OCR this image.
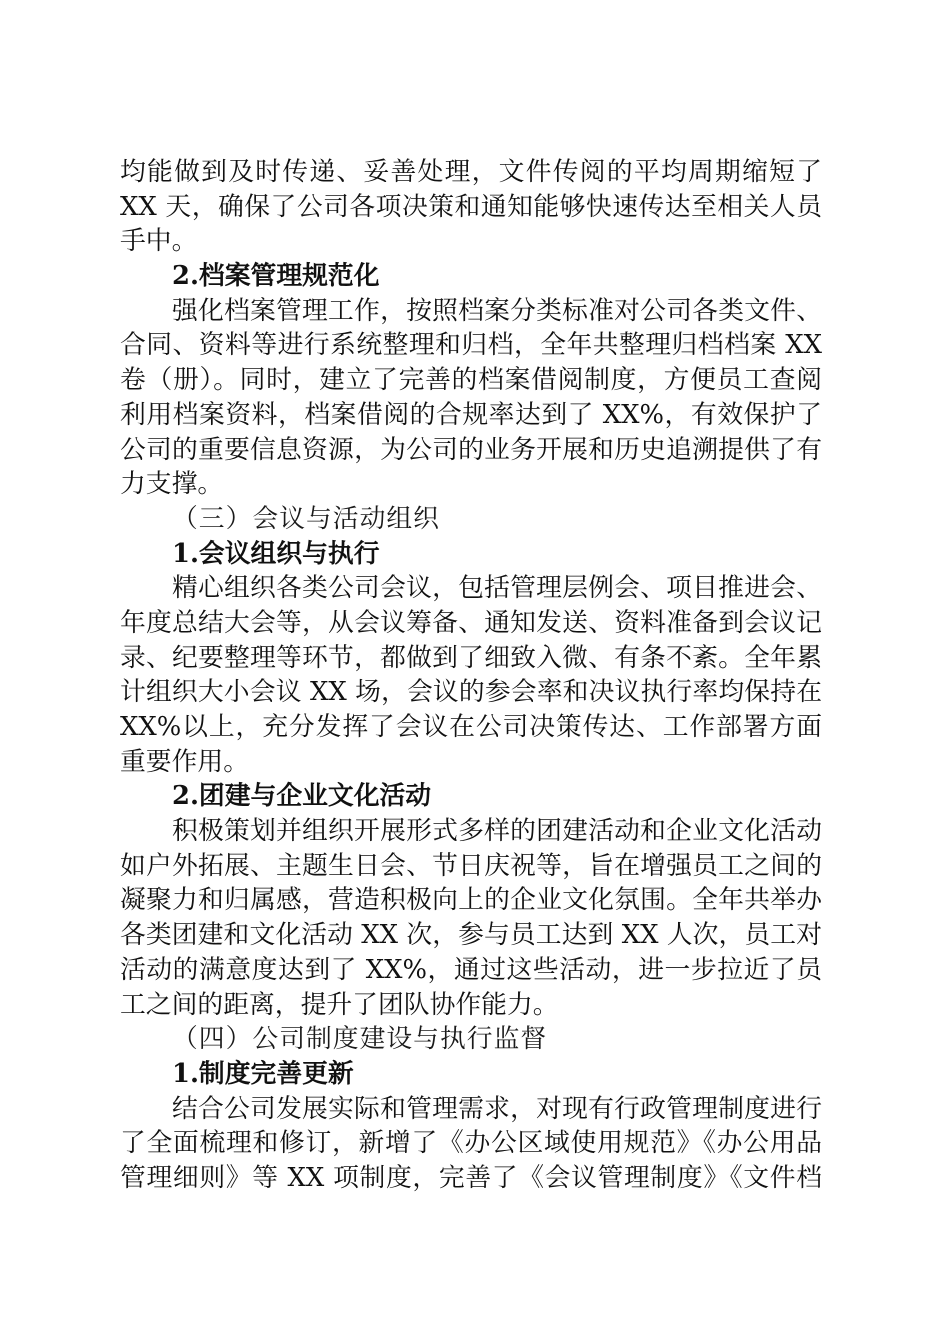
均能做到及时传递、妥善处理，文件传阅的平均周期缩短了
XX 天，确保了公司各项决策和通知能够快速传达至相关人员
手中。
2.档案管理规范化
强化档案管理工作，按照档案分类标准对公司各类文件、
合同、资料等进行系统整理和归档，全年共整理归档档案 XX
卷（册）。同时，建立了完善的档案借阅制度，方便员工查阅
利用档案资料，档案借阅的合规率达到了 XX%，有效保护了
公司的重要信息资源，为公司的业务开展和历史追溯提供了有
力支撑。
（三）会议与活动组织
1.会议组织与执行
精心组织各类公司会议，包括管理层例会、项目推进会、
年度总结大会等，从会议筹备、通知发送、资料准备到会议记
录、纪要整理等环节，都做到了细致入微、有条不紊。全年累
计组织大小会议 XX 场，会议的参会率和决议执行率均保持在
XX%以上，充分发挥了会议在公司决策传达、工作部署方面
重要作用。
2.团建与企业文化活动
积极策划并组织开展形式多样的团建活动和企业文化活动
如户外拓展、主题生日会、节日庆祝等，旨在增强员工之间的
凝聚力和归属感，营造积极向上的企业文化氛围。全年共举办
各类团建和文化活动 XX 次，参与员工达到 XX 人次，员工对
活动的满意度达到了 XX%，通过这些活动，进一步拉近了员
工之间的距离，提升了团队协作能力。
（四）公司制度建设与执行监督
1.制度完善更新
结合公司发展实际和管理需求，对现有行政管理制度进行
了全面梳理和修订，新增了《办公区域使用规范》《办公用品
管理细则》等 XX 项制度，完善了《会议管理制度》《文件档
